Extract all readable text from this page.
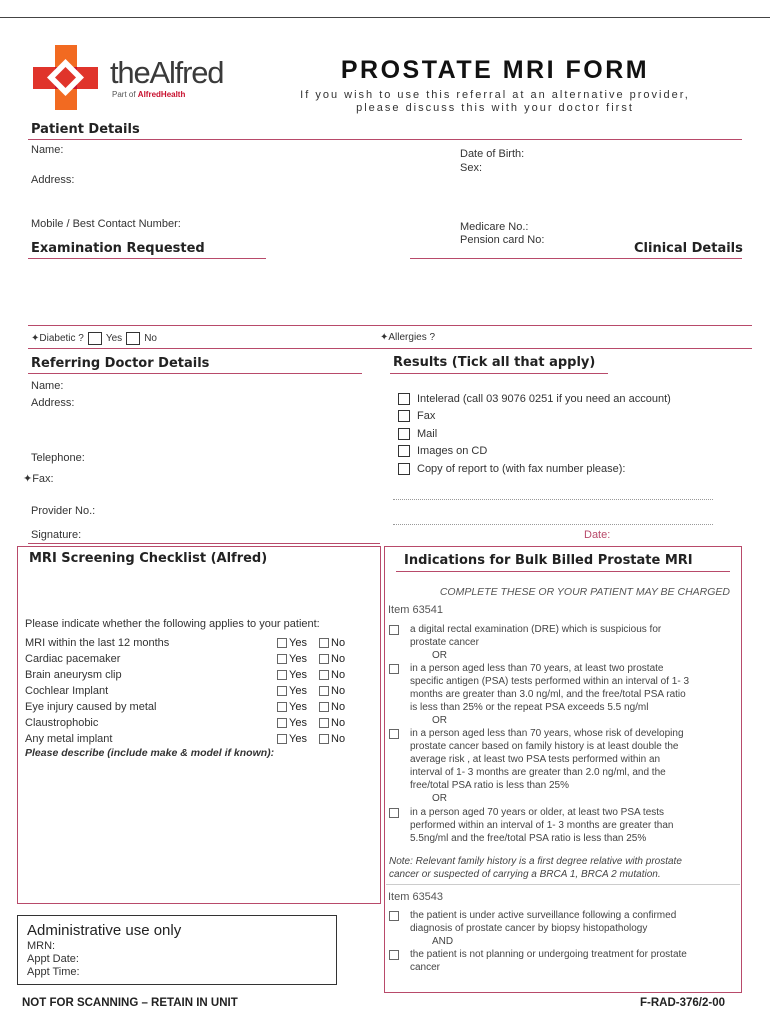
theAlfred
Part of AlfredHealth
PROSTATE MRI FORM
If you wish to use this referral at an alternative provider,
please discuss this with your doctor first
Patient Details
Name:
Address:
Mobile / Best Contact Number:
Date of Birth:
Sex:
Medicare No.:
Pension card No:
Examination Requested	Clinical Details
✦Diabetic ? Yes No	✦Allergies ?
Referring Doctor Details
Name:
Address:
Telephone:
✦Fax:
Provider No.:
Signature:	Date:
Results (Tick all that apply)
Intelerad (call 03 9076 0251 if you need an account)
Fax
Mail
Images on CD
Copy of report to (with fax number please):
MRI Screening Checklist (Alfred)
Please indicate whether the following applies to your patient:
MRI within the last 12 months	Yes	No
Cardiac pacemaker	Yes	No
Brain aneurysm clip	Yes	No
Cochlear Implant	Yes	No
Eye injury caused by metal	Yes	No
Claustrophobic	Yes	No
Any metal implant	Yes	No
Please describe (include make & model if known):
Administrative use only
MRN:
Appt Date:
Appt Time:
Indications for Bulk Billed Prostate MRI
COMPLETE THESE OR YOUR PATIENT MAY BE CHARGED
Item 63541
a digital rectal examination (DRE) which is suspicious for
prostate cancer
OR
in a person aged less than 70 years, at least two prostate
specific antigen (PSA) tests performed within an interval of 1- 3
months are greater than 3.0 ng/ml, and the free/total PSA ratio
is less than 25% or the repeat PSA exceeds 5.5 ng/ml
OR
in a person aged less than 70 years, whose risk of developing
prostate cancer based on family history is at least double the
average risk , at least two PSA tests performed within an
interval of 1- 3 months are greater than 2.0 ng/ml, and the
free/total PSA ratio is less than 25%
OR
in a person aged 70 years or older, at least two PSA tests
performed within an interval of 1- 3 months are greater than
5.5ng/ml and the free/total PSA ratio is less than 25%
Note: Relevant family history is a first degree relative with prostate
cancer or suspected of carrying a BRCA 1, BRCA 2 mutation.
Item 63543
the patient is under active surveillance following a confirmed
diagnosis of prostate cancer by biopsy histopathology
AND
the patient is not planning or undergoing treatment for prostate
cancer
NOT FOR SCANNING – RETAIN IN UNIT	F-RAD-376/2-00
